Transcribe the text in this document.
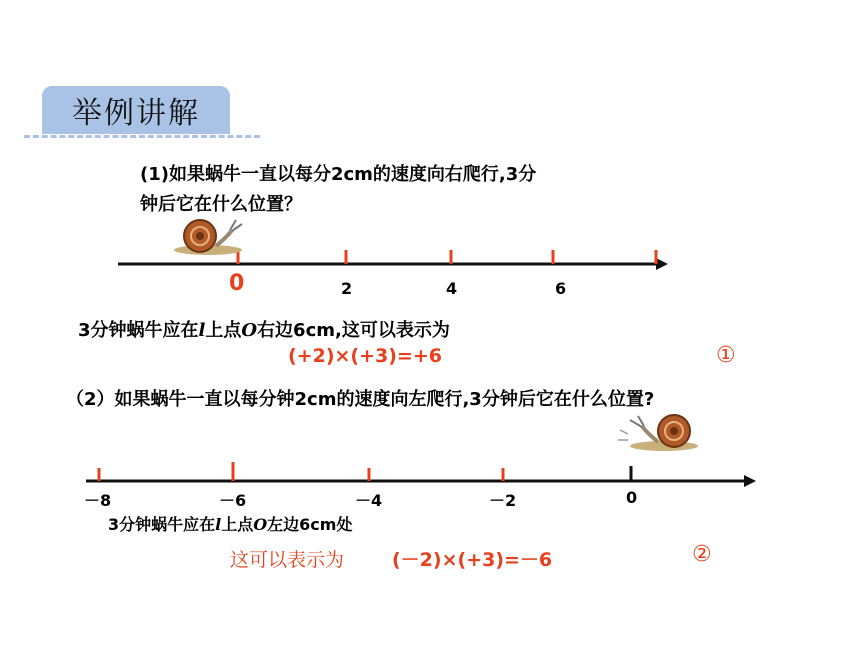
举例讲解
(1)如果蜗牛一直以每分2cm的速度向右爬行,3分
钟后它在什么位置？
0	2	4	6
3分钟蜗牛应在l上点O右边6cm,这可以表示为
(+2)×(+3)=+6	①
（2）如果蜗牛一直以每分钟2cm的速度向左爬行,3分钟后它在什么位置?
－8	－6	－4	－2	0
3分钟蜗牛应在l上点O左边6cm处
这可以表示为	(－2)×(+3)=－6	②
